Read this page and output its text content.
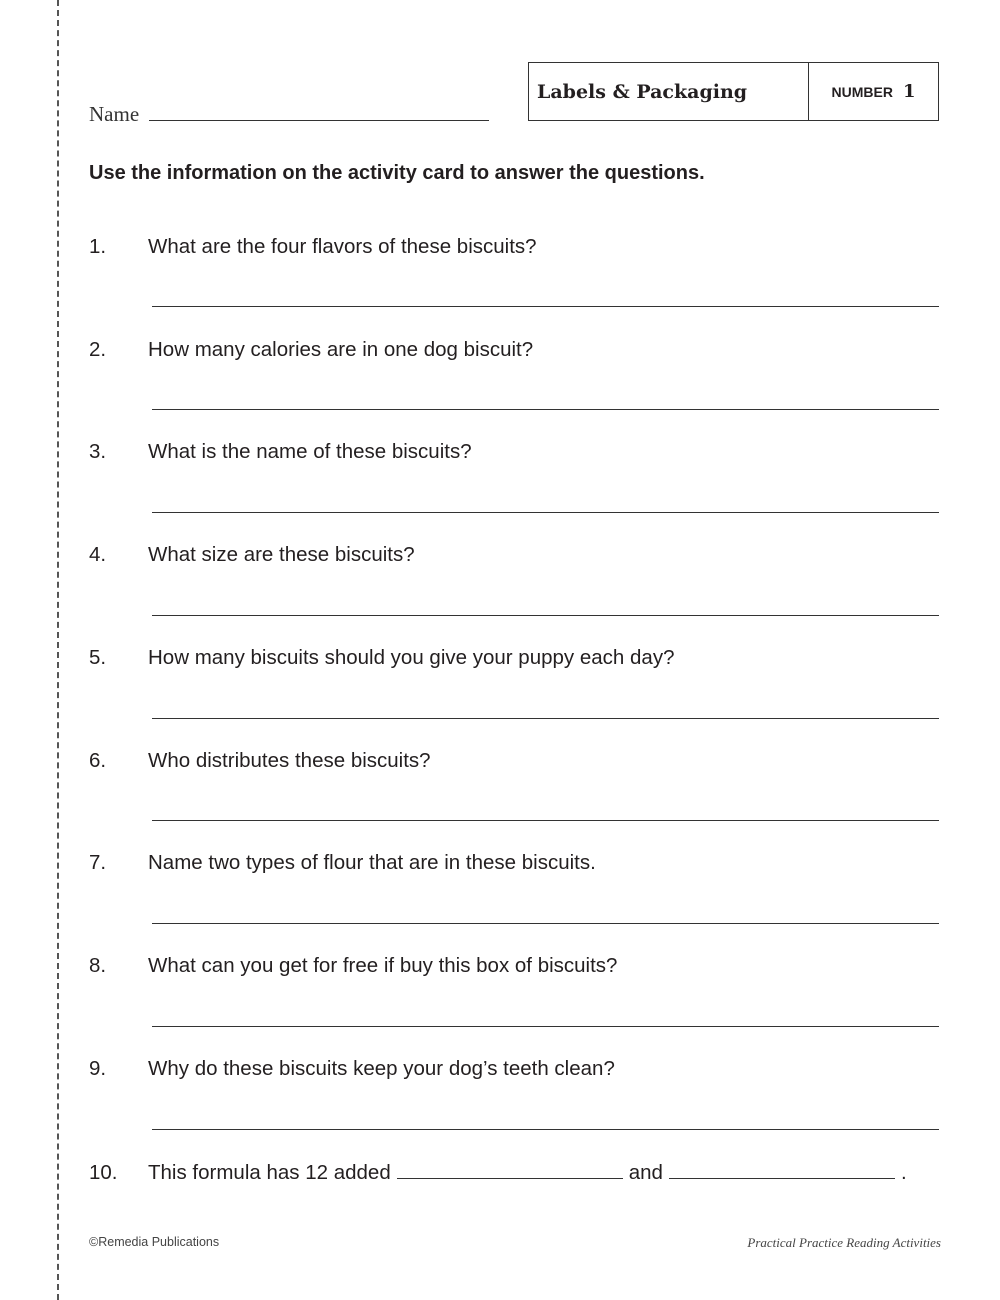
Name
Labels & Packaging	NUMBER 1
Use the information on the activity card to answer the questions.
1. What are the four flavors of these biscuits?
2. How many calories are in one dog biscuit?
3. What is the name of these biscuits?
4. What size are these biscuits?
5. How many biscuits should you give your puppy each day?
6. Who distributes these biscuits?
7. Name two types of flour that are in these biscuits.
8. What can you get for free if buy this box of biscuits?
9. Why do these biscuits keep your dog’s teeth clean?
10. This formula has 12 added	and	.
©Remedia Publications	Practical Practice Reading Activities
